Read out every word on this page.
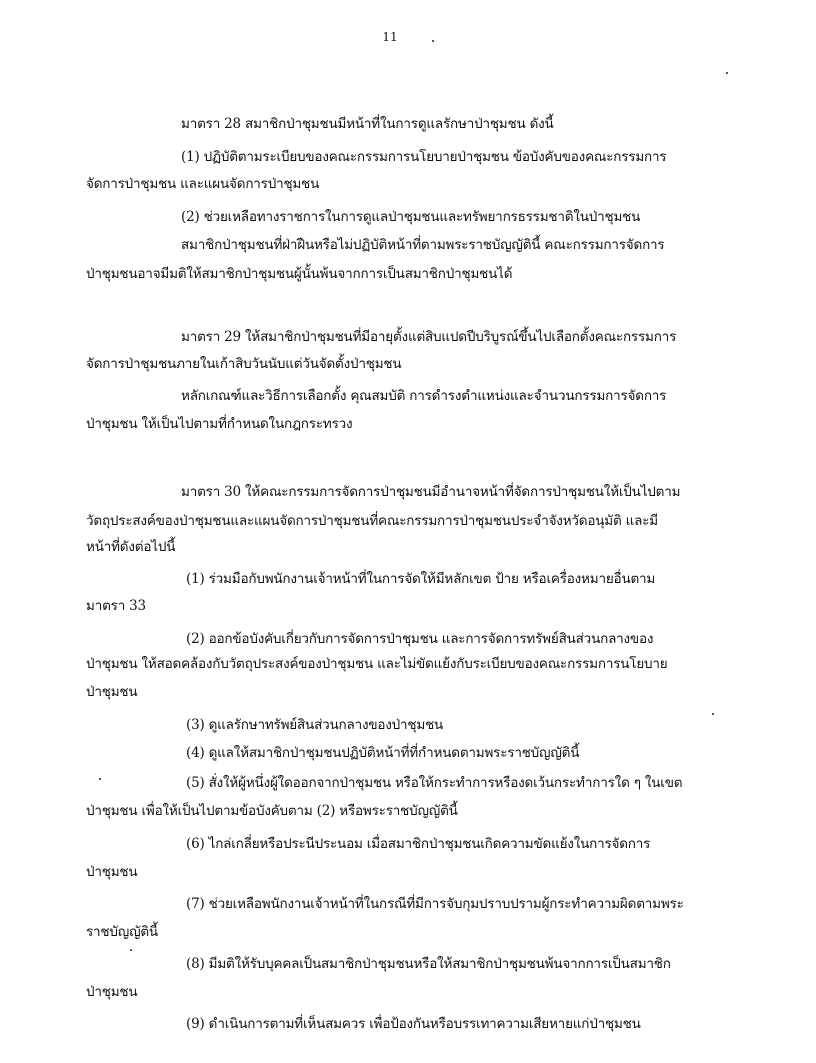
11
มาตรา 28 สมาชิกป่าชุมชนมีหน้าที่ในการดูแลรักษาป่าชุมชน ดังนี้
(1) ปฏิบัติตามระเบียบของคณะกรรมการนโยบายป่าชุมชน ข้อบังคับของคณะกรรมการ
จัดการป่าชุมชน และแผนจัดการป่าชุมชน
(2) ช่วยเหลือทางราชการในการดูแลป่าชุมชนและทรัพยากรธรรมชาติในป่าชุมชน
สมาชิกป่าชุมชนที่ฝ่าฝืนหรือไม่ปฏิบัติหน้าที่ตามพระราชบัญญัตินี้ คณะกรรมการจัดการ
ป่าชุมชนอาจมีมติให้สมาชิกป่าชุมชนผู้นั้นพ้นจากการเป็นสมาชิกป่าชุมชนได้
มาตรา 29 ให้สมาชิกป่าชุมชนที่มีอายุตั้งแต่สิบแปดปีบริบูรณ์ขึ้นไปเลือกตั้งคณะกรรมการ
จัดการป่าชุมชนภายในเก้าสิบวันนับแต่วันจัดตั้งป่าชุมชน
หลักเกณฑ์และวิธีการเลือกตั้ง คุณสมบัติ การดำรงตำแหน่งและจำนวนกรรมการจัดการ
ป่าชุมชน ให้เป็นไปตามที่กำหนดในกฎกระทรวง
มาตรา 30 ให้คณะกรรมการจัดการป่าชุมชนมีอำนาจหน้าที่จัดการป่าชุมชนให้เป็นไปตาม
วัตถุประสงค์ของป่าชุมชนและแผนจัดการป่าชุมชนที่คณะกรรมการป่าชุมชนประจำจังหวัดอนุมัติ และมี
หน้าที่ดังต่อไปนี้
(1) ร่วมมือกับพนักงานเจ้าหน้าที่ในการจัดให้มีหลักเขต ป้าย หรือเครื่องหมายอื่นตาม
มาตรา 33
(2) ออกข้อบังคับเกี่ยวกับการจัดการป่าชุมชน และการจัดการทรัพย์สินส่วนกลางของ
ป่าชุมชน ให้สอดคล้องกับวัตถุประสงค์ของป่าชุมชน และไม่ขัดแย้งกับระเบียบของคณะกรรมการนโยบาย
ป่าชุมชน
(3) ดูแลรักษาทรัพย์สินส่วนกลางของป่าชุมชน
(4) ดูแลให้สมาชิกป่าชุมชนปฏิบัติหน้าที่ที่กำหนดตามพระราชบัญญัตินี้
(5) สั่งให้ผู้หนึ่งผู้ใดออกจากป่าชุมชน หรือให้กระทำการหรืองดเว้นกระทำการใด ๆ ในเขต
ป่าชุมชน เพื่อให้เป็นไปตามข้อบังคับตาม (2) หรือพระราชบัญญัตินี้
(6) ไกล่เกลี่ยหรือประนีประนอม เมื่อสมาชิกป่าชุมชนเกิดความขัดแย้งในการจัดการ
ป่าชุมชน
(7) ช่วยเหลือพนักงานเจ้าหน้าที่ในกรณีที่มีการจับกุมปราบปรามผู้กระทำความผิดตามพระ
ราชบัญญัตินี้
(8) มีมติให้รับบุคคลเป็นสมาชิกป่าชุมชนหรือให้สมาชิกป่าชุมชนพ้นจากการเป็นสมาชิก
ป่าชุมชน
(9) ดำเนินการตามที่เห็นสมควร เพื่อป้องกันหรือบรรเทาความเสียหายแก่ป่าชุมชน
